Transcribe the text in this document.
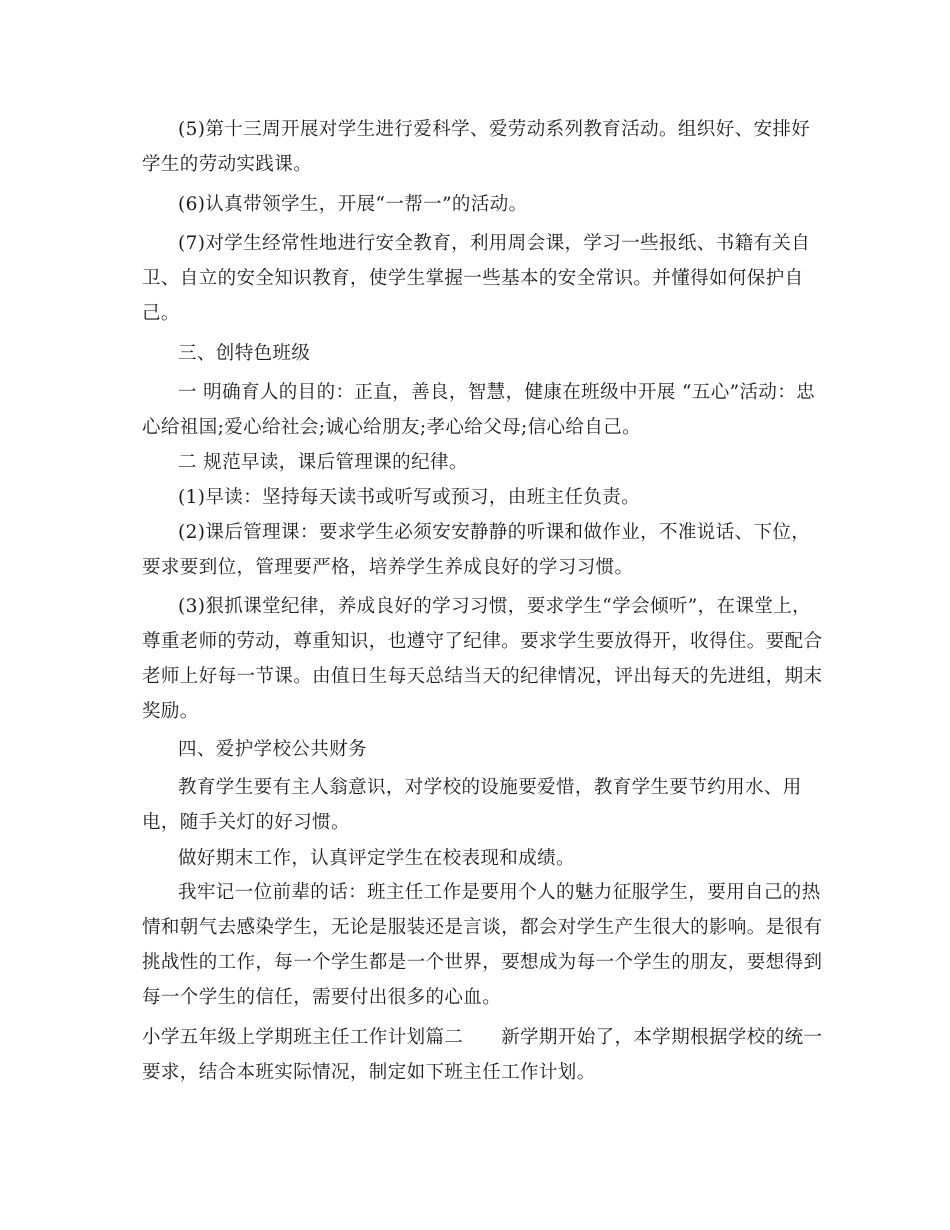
(5)第十三周开展对学生进行爱科学、爱劳动系列教育活动。组织好、安排好
学生的劳动实践课。
(6)认真带领学生，开展“一帮一”的活动。
(7)对学生经常性地进行安全教育，利用周会课，学习一些报纸、书籍有关自
卫、自立的安全知识教育，使学生掌握一些基本的安全常识。并懂得如何保护自
己。
三、创特色班级
一 明确育人的目的：正直，善良，智慧，健康在班级中开展 “五心”活动：忠
心给祖国;爱心给社会;诚心给朋友;孝心给父母;信心给自己。
二 规范早读，课后管理课的纪律。
(1)早读：坚持每天读书或听写或预习，由班主任负责。
(2)课后管理课：要求学生必须安安静静的听课和做作业，不准说话、下位，
要求要到位，管理要严格，培养学生养成良好的学习习惯。
(3)狠抓课堂纪律，养成良好的学习习惯，要求学生“学会倾听”，在课堂上，
尊重老师的劳动，尊重知识，也遵守了纪律。要求学生要放得开，收得住。要配合
老师上好每一节课。由值日生每天总结当天的纪律情况，评出每天的先进组，期末
奖励。
四、爱护学校公共财务
教育学生要有主人翁意识，对学校的设施要爱惜，教育学生要节约用水、用
电，随手关灯的好习惯。
做好期末工作，认真评定学生在校表现和成绩。
我牢记一位前辈的话：班主任工作是要用个人的魅力征服学生，要用自己的热
情和朝气去感染学生，无论是服装还是言谈，都会对学生产生很大的影响。是很有
挑战性的工作，每一个学生都是一个世界，要想成为每一个学生的朋友，要想得到
每一个学生的信任，需要付出很多的心血。
小学五年级上学期班主任工作计划篇二　　新学期开始了，本学期根据学校的统一
要求，结合本班实际情况，制定如下班主任工作计划。
